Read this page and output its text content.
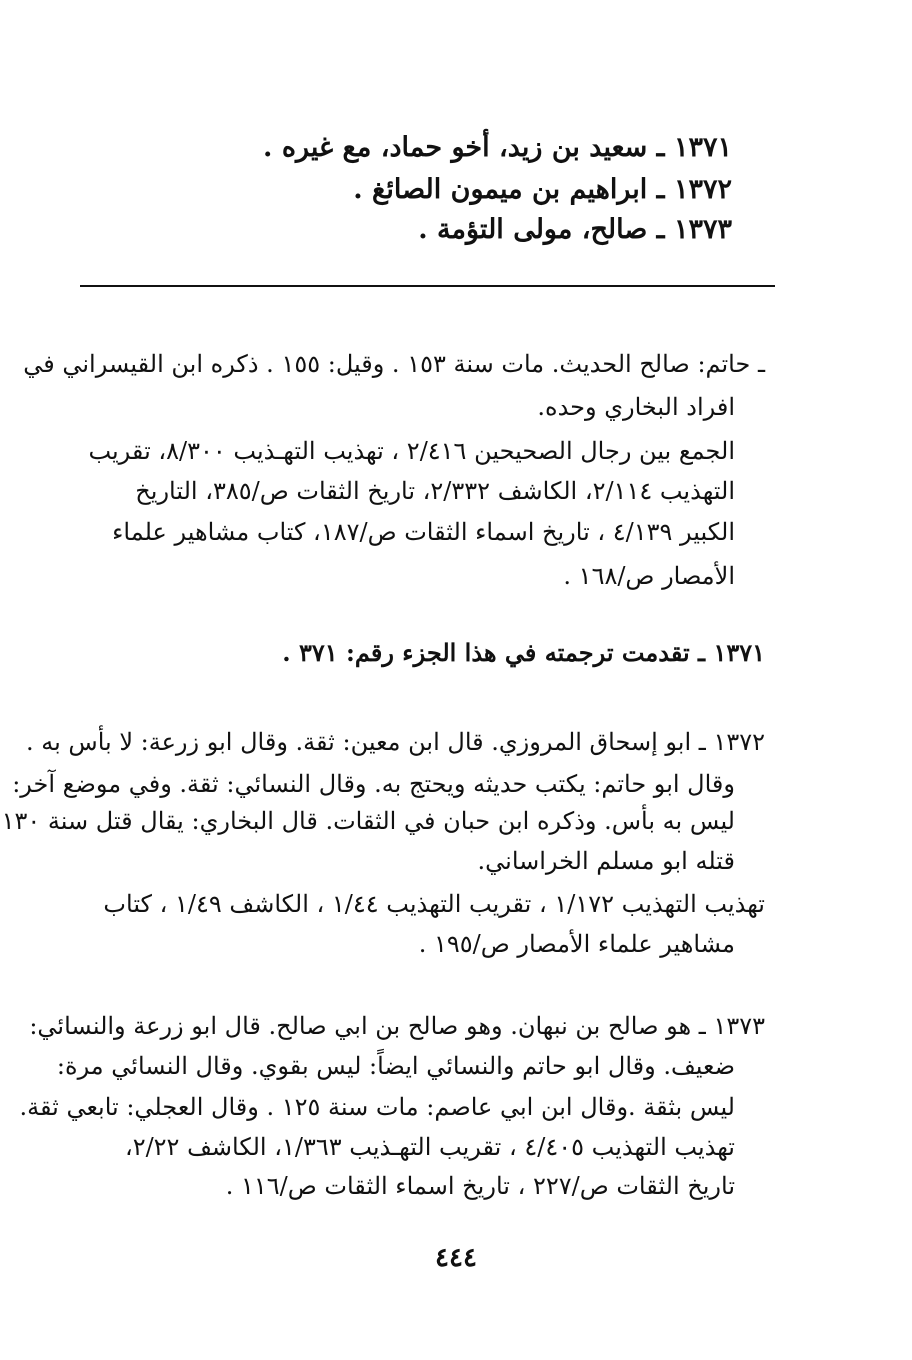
١٣٧١ ـ سعيد بن زيد، أخو حماد، مع غيره .
١٣٧٢ ـ ابراهيم بن ميمون الصائغ .
١٣٧٣ ـ صالح، مولى التؤمة .
ـ حاتم: صالح الحديث. مات سنة ١٥٣ . وقيل: ١٥٥ . ذكره ابن القيسراني في
افراد البخاري وحده.
الجمع بين رجال الصحيحين ٢/٤١٦ ، تهذيب التهـذيب ٨/٣٠٠، تقريب
التهذيب ٢/١١٤، الكاشف ٢/٣٣٢، تاريخ الثقات ص/٣٨٥، التاريخ
الكبير ٤/١٣٩ ، تاريخ اسماء الثقات ص/١٨٧، كتاب مشاهير علماء
الأمصار ص/١٦٨ .
١٣٧١ ـ تقدمت ترجمته في هذا الجزء رقم: ٣٧١ .
١٣٧٢ ـ ابو إسحاق المروزي. قال ابن معين: ثقة. وقال ابو زرعة: لا بأس به .
وقال ابو حاتم: يكتب حديثه ويحتج به. وقال النسائي: ثقة. وفي موضع آخر:
ليس به بأس. وذكره ابن حبان في الثقات. قال البخاري: يقال قتل سنة ١٣٠
قتله ابو مسلم الخراساني.
تهذيب التهذيب ١/١٧٢ ، تقريب التهذيب ١/٤٤ ، الكاشف ١/٤٩ ، كتاب
مشاهير علماء الأمصار ص/١٩٥ .
١٣٧٣ ـ هو صالح بن نبهان. وهو صالح بن ابي صالح. قال ابو زرعة والنسائي:
ضعيف. وقال ابو حاتم والنسائي ايضاً: ليس بقوي. وقال النسائي مرة:
ليس بثقة .وقال ابن ابي عاصم: مات سنة ١٢٥ . وقال العجلي: تابعي ثقة.
تهذيب التهذيب ٤/٤٠٥ ، تقريب التهـذيب ١/٣٦٣، الكاشف ٢/٢٢،
تاريخ الثقات ص/٢٢٧ ، تاريخ اسماء الثقات ص/١١٦ .
٤٤٤
